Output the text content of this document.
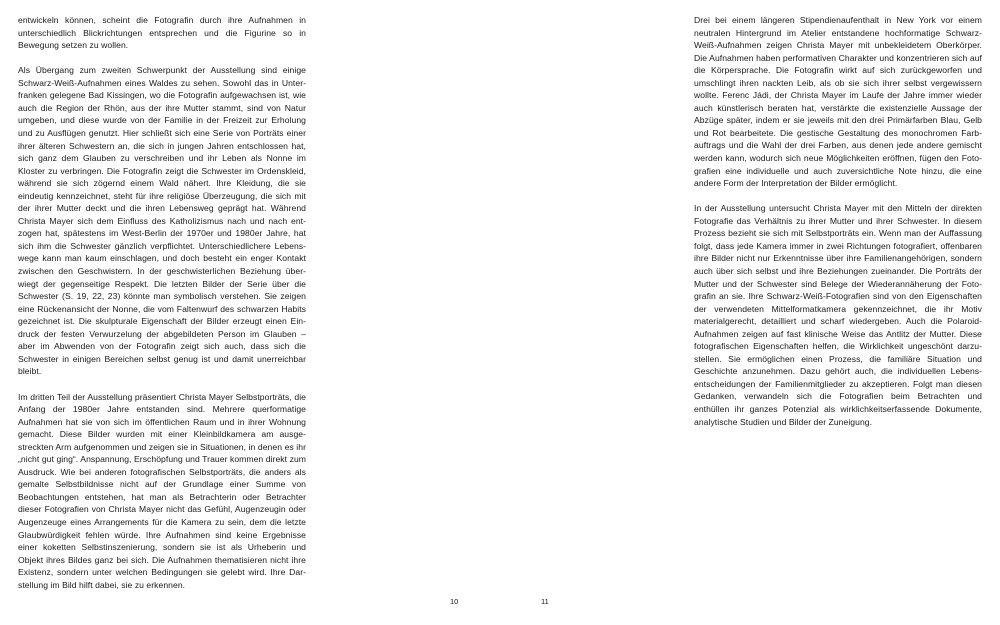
entwickeln können, scheint die Fotografin durch ihre Aufnahmen in unterschiedlich Blickrichtungen entsprechen und die Figurine so in Bewegung setzen zu wollen.

Als Übergang zum zweiten Schwerpunkt der Ausstellung sind einige Schwarz-Weiß-Aufnahmen eines Waldes zu sehen. Sowohl das in Unterfranken gelegene Bad Kissingen, wo die Fotografin aufgewachsen ist, wie auch die Region der Rhön, aus der ihre Mutter stammt, sind von Natur umgeben, und diese wurde von der Familie in der Freizeit zur Erholung und zu Ausflügen genutzt. Hier schließt sich eine Serie von Porträts einer ihrer älteren Schwestern an, die sich in jungen Jahren entschlossen hat, sich ganz dem Glauben zu verschreiben und ihr Leben als Nonne im Kloster zu verbringen. Die Fotografin zeigt die Schwester im Ordenskleid, während sie sich zögernd einem Wald nähert. Ihre Kleidung, die sie eindeutig kennzeichnet, steht für ihre religiöse Überzeugung, die sich mit der ihrer Mutter deckt und die ihren Lebensweg geprägt hat. Während Christa Mayer sich dem Einfluss des Katholizismus nach und nach entzogen hat, spätestens im West-Berlin der 1970er und 1980er Jahre, hat sich ihm die Schwester gänzlich verpflichtet. Unterschiedlichere Lebenswege kann man kaum einschlagen, und doch besteht ein enger Kontakt zwischen den Geschwistern. In der geschwisterlichen Beziehung überwiegt der gegenseitige Respekt. Die letzten Bilder der Serie über die Schwester (S. 19, 22, 23) könnte man symbolisch verstehen. Sie zeigen eine Rückenansicht der Nonne, die vom Faltenwurf des schwarzen Habits gezeichnet ist. Die skulpturale Eigenschaft der Bilder erzeugt einen Eindruck der festen Verwurzelung der abgebildeten Person im Glauben – aber im Abwenden von der Fotografin zeigt sich auch, dass sich die Schwester in einigen Bereichen selbst genug ist und damit unerreichbar bleibt.

Im dritten Teil der Ausstellung präsentiert Christa Mayer Selbstporträts, die Anfang der 1980er Jahre entstanden sind. Mehrere querformatige Aufnahmen hat sie von sich im öffentlichen Raum und in ihrer Wohnung gemacht. Diese Bilder wurden mit einer Kleinbildkamera am ausgestreckten Arm aufgenommen und zeigen sie in Situationen, in denen es ihr „nicht gut ging“. Anspannung, Erschöpfung und Trauer kommen direkt zum Ausdruck. Wie bei anderen fotografischen Selbstporträts, die anders als gemalte Selbstbildnisse nicht auf der Grundlage einer Summe von Beobachtungen entstehen, hat man als Betrachterin oder Betrachter dieser Fotografien von Christa Mayer nicht das Gefühl, Augenzeugin oder Augenzeuge eines Arrangements für die Kamera zu sein, dem die letzte Glaubwürdigkeit fehlen würde. Ihre Aufnahmen sind keine Ergebnisse einer koketten Selbstinszenierung, sondern sie ist als Urheberin und Objekt ihres Bildes ganz bei sich. Die Aufnahmen thematisieren nicht ihre Existenz, sondern unter welchen Bedingungen sie gelebt wird. Ihre Darstellung im Bild hilft dabei, sie zu erkennen.

Drei bei einem längeren Stipendienaufenthalt in New York vor einem neutralen Hintergrund im Atelier entstandene hochformatige Schwarz-Weiß-Aufnahmen zeigen Christa Mayer mit unbekleidetem Oberkörper. Die Aufnahmen haben performativen Charakter und konzentrieren sich auf die Körpersprache. Die Fotografin wirkt auf sich zurückgeworfen und umschlingt ihren nackten Leib, als ob sie sich ihrer selbst vergewissern wollte. Ferenc Jádi, der Christa Mayer im Laufe der Jahre immer wieder auch künstlerisch beraten hat, verstärkte die existenzielle Aussage der Abzüge später, indem er sie jeweils mit den drei Primärfarben Blau, Gelb und Rot bearbeitete. Die gestische Gestaltung des monochromen Farbauftrags und die Wahl der drei Farben, aus denen jede andere gemischt werden kann, wodurch sich neue Möglichkeiten eröffnen, fügen den Fotografien eine individuelle und auch zuversichtliche Note hinzu, die eine andere Form der Interpretation der Bilder ermöglicht.

In der Ausstellung untersucht Christa Mayer mit den Mitteln der direkten Fotografie das Verhältnis zu ihrer Mutter und ihrer Schwester. In diesem Prozess bezieht sie sich mit Selbstporträts ein. Wenn man der Auffassung folgt, dass jede Kamera immer in zwei Richtungen fotografiert, offenbaren ihre Bilder nicht nur Erkenntnisse über ihre Familienangehörigen, sondern auch über sich selbst und ihre Beziehungen zueinander. Die Porträts der Mutter und der Schwester sind Belege der Wiederannäherung der Fotografin an sie. Ihre Schwarz-Weiß-Fotografien sind von den Eigenschaften der verwendeten Mittelformatkamera gekennzeichnet, die ihr Motiv materialgerecht, detailliert und scharf wiedergeben. Auch die Polaroid-Aufnahmen zeigen auf fast klinische Weise das Antlitz der Mutter. Diese fotografischen Eigenschaften helfen, die Wirklichkeit ungeschönt darzustellen. Sie ermöglichen einen Prozess, die familiäre Situation und Geschichte anzunehmen. Dazu gehört auch, die individuellen Lebensentscheidungen der Familienmitglieder zu akzeptieren. Folgt man diesen Gedanken, verwandeln sich die Fotografien beim Betrachten und enthüllen ihr ganzes Potenzial als wirklichkeitserfassende Dokumente, analytische Studien und Bilder der Zuneigung.

10	11
